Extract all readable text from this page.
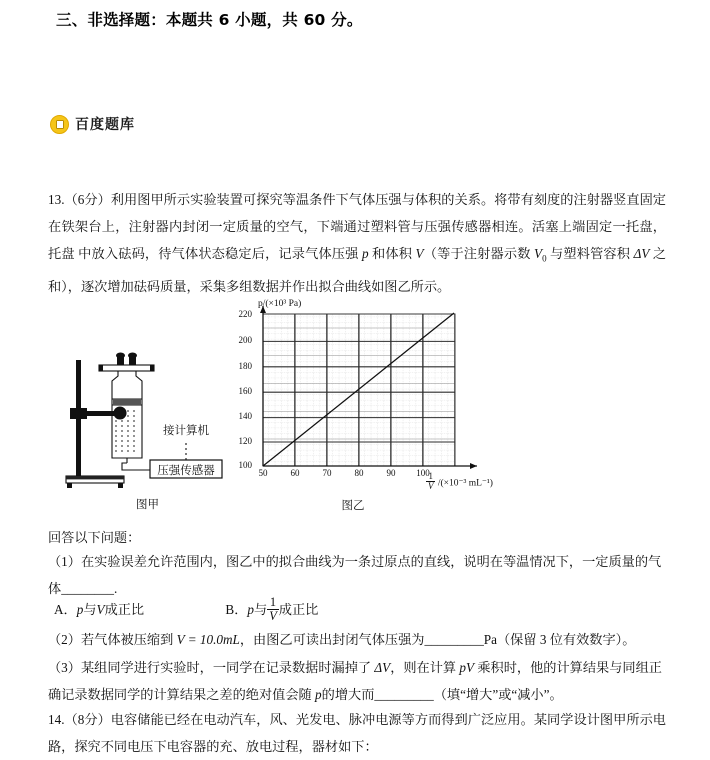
三、非选择题：本题共 6 小题，共 60 分。
百度题库
13.（6分）利用图甲所示实验装置可探究等温条件下气体压强与体积的关系。将带有刻度的注射器竖直固定在铁架台上，注射器内封闭一定质量的空气，下端通过塑料管与压强传感器相连。活塞上端固定一托盘，托盘 中放入砝码，待气体状态稳定后，记录气体压强 p 和体积 V（等于注射器示数 $V_0$ 与塑料管容积 ΔV 之和），逐次增加砝码质量，采集多组数据并作出拟合曲线如图乙所示。
接计算机
压强传感器
图甲
p/(×10³ Pa)
220
200
180
160
140
120
100
50	60	70	80	90	100
$\frac{1}{V} /(\times 10^{-3}$ mL⁻¹)
图乙
回答以下问题：
（1）在实验误差允许范围内，图乙中的拟合曲线为一条过原点的直线，说明在等温情况下，一定质量的气体________.
A．p与V成正比	B．p与 $\frac{1}{V}$ 成正比
（2）若气体被压缩到 V = 10.0mL，由图乙可读出封闭气体压强为_________Pa（保留 3 位有效数字）。
（3）某组同学进行实验时，一同学在记录数据时漏掉了 ΔV，则在计算 pV 乘积时，他的计算结果与同组正确记录数据同学的计算结果之差的绝对值会随 p的增大而_________（填“增大”或“减小”。
14.（8分）电容储能已经在电动汽车，风、光发电、脉冲电源等方而得到广泛应用。某同学设计图甲所示电路，探究不同电压下电容器的充、放电过程，器材如下：
